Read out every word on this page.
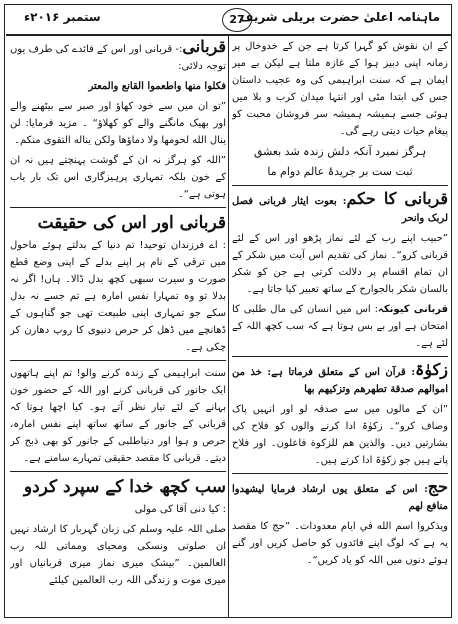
ماہنامہ اعلیٰ حضرت بریلی شریف
27
ستمبر ۲۰۱۶ء

کے ان نقوش کو گہرا کرتا ہے جن کے خدوخال پر زمانہ اپنی دبیز ہوا کے غازہ ملتا ہے لیکن بے میر ایمان ہے کہ سنت ابراہیمی کی وہ عجیب داستان جس کی ابتدا مٹی اور انتہا میدان کرب و بلا میں ہوئی جسے ہمیشہ ہمیشہ سر فروشان محبت کو پیغام حیات دیتی رہے گی۔

ہرگز نمیرد آنکہ دلش زندہ شد بعشق
ثبت ست بر جریدۂ عالم دوام ما

قربانی کا حکم: بعوت ایثار قربانی فصل لربک وانحر

”حبیب اپنے رب کے لئے نماز پڑھو اور اس کے لئے قربانی کرو“۔ نماز کی تقدیم اس آیت میں شکر کے ان تمام اقسام پر دلالت کرتی ہے جن کو شکر بالسان شکر بالجوارح کے ساتھ تعبیر کیا جاتا ہے۔

قربانی کیونکہ: اس میں انسان کی مال طلبی کا امتحان ہے اور بے بس ہوتا ہے کہ سب کچھ اللہ کے لئے ہے۔

زکوٰۃ: قرآن اس کے متعلق فرماتا ہے: خذ من اموالهم صدقة تطهرهم وتزكيهم بها

”ان کے مالوں میں سے صدقہ لو اور انہیں پاک وصاف کرو“۔ زکوٰۃ ادا کرنے والوں کو فلاح کی بشارتیں دیں۔ والذين هم للزكوة فاعلون۔ اور فلاح پاتے ہیں جو زکوٰۃ ادا کرتے ہیں۔

حج: اس کے متعلق یوں ارشاد فرمایا ليشهدوا منافع لهم

ويذكروا اسم الله في ايام معدودات۔ ”حج کا مقصد یہ ہے کہ لوگ اپنے فائدوں کو حاصل کریں اور گنے ہوئے دنوں میں اللہ کو یاد کریں“۔

قربانی:- قربانی اور اس کے فائدے کی طرف یوں توجہ دلائی:

فكلوا منها واطعموا القانع والمعتر

”تو ان میں سے خود کھاؤ اور صبر سے بیٹھنے والے اور بھیک مانگنے والے کو کھلاؤ“ ۔ مزید فرمایا: لن ينال الله لحومها ولا دماؤها ولكن يناله التقوى منكم۔

”اللہ کو ہرگز نہ ان کے گوشت پہنچتے ہیں نہ ان کے خون بلکہ تمہاری پرہیزگاری اس تک بار یاب ہوتی ہے“۔

قربانی اور اس کی حقیقت

: اے فرزندان توحید! تم دنیا کے بدلتے ہوئے ماحول میں ترقی کے نام پر اپنے بدلے کے اپنی وضع قطع صورت و سیرت سبھی کچھ بدل ڈالا۔ ہاں! اگر نہ بدلا تو وہ تمہارا نفس امارہ ہے تم جسے نہ بدل سکے جو تمہاری اپنی طبیعت تھی جو گناہوں کے ڈھانچے میں ڈھل کر حرص دنیوی کا روپ دھارن کر چکی ہے۔

سنت ابراہیمی کے زندہ کرنے والو! تم اپنے ہاتھوں ایک جانور کی قربانی کرنے اور اللہ کے حضور خون بہانے کے لئے تیار نظر آتے ہو۔ کیا اچھا ہوتا کہ قربانی کے جانور کے ساتھ ساتھ اپنے نفس امارہ، حرص و ہوا اور دنیاطلبی کے جانور کو بھی ذبح کر دیتے۔ قربانی کا مقصد حقیقی تمہارے سامنے ہے۔

سب کچھ خدا کے سپرد کردو

: کیا دنی آقا کی مولی

صلی اللہ علیہ وسلم کی زبان گہربار کا ارشاد نہیں ان صلوتی ونسکی ومحیای ومماتی للہ رب العالمین۔ ”بیشک میری نماز میری قربانیاں اور میری موت و زندگی اللہ رب العالمین کیلئے
